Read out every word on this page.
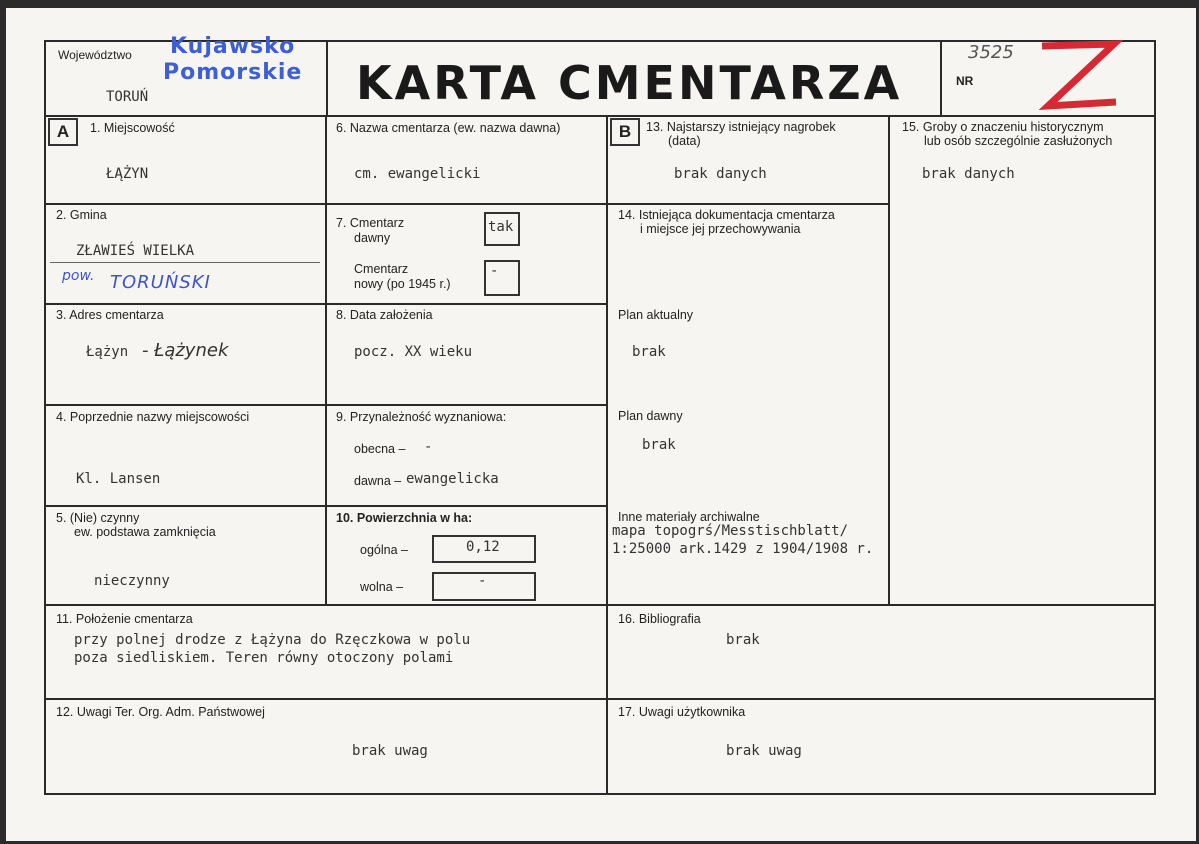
Województwo Kujawsko
Pomorskie
TORUŃ	KARTA CMENTARZA
3525
NR
A	1. Miejscowość
ŁĄŻYN
2. Gmina
ZŁAWIEŚ WIELKA
pow. TORUŃSKI
3. Adres cmentarza
Łążyn - Łążynek
4. Poprzednie nazwy miejscowości
Kl. Lansen
5. (Nie) czynny
ew. podstawa zamknięcia
nieczynny
6. Nazwa cmentarza (ew. nazwa dawna)
cm. ewangelicki
7. Cmentarz
dawny
tak
Cmentarz
nowy (po 1945 r.)
-
8. Data założenia
pocz. XX wieku
9. Przynależność wyznaniowa:
obecna – -
dawna – ewangelicka
10. Powierzchnia w ha:
ogólna –	0,12
wolna –	-
B	13. Najstarszy istniejący nagrobek
(data)
brak danych
14. Istniejąca dokumentacja cmentarza
i miejsce jej przechowywania
Plan aktualny
brak
Plan dawny
brak
Inne materiały archiwalne
mapa topogrś/Messtischblatt/
1:25000 ark.1429 z 1904/1908 r.
15. Groby o znaczeniu historycznym
lub osób szczególnie zasłużonych
brak danych
11. Położenie cmentarza
przy polnej drodze z Łążyna do Rzęczkowa w polu
poza siedliskiem. Teren równy otoczony polami
16. Bibliografia
brak
12. Uwagi Ter. Org. Adm. Państwowej
brak uwag
17. Uwagi użytkownika
brak uwag
